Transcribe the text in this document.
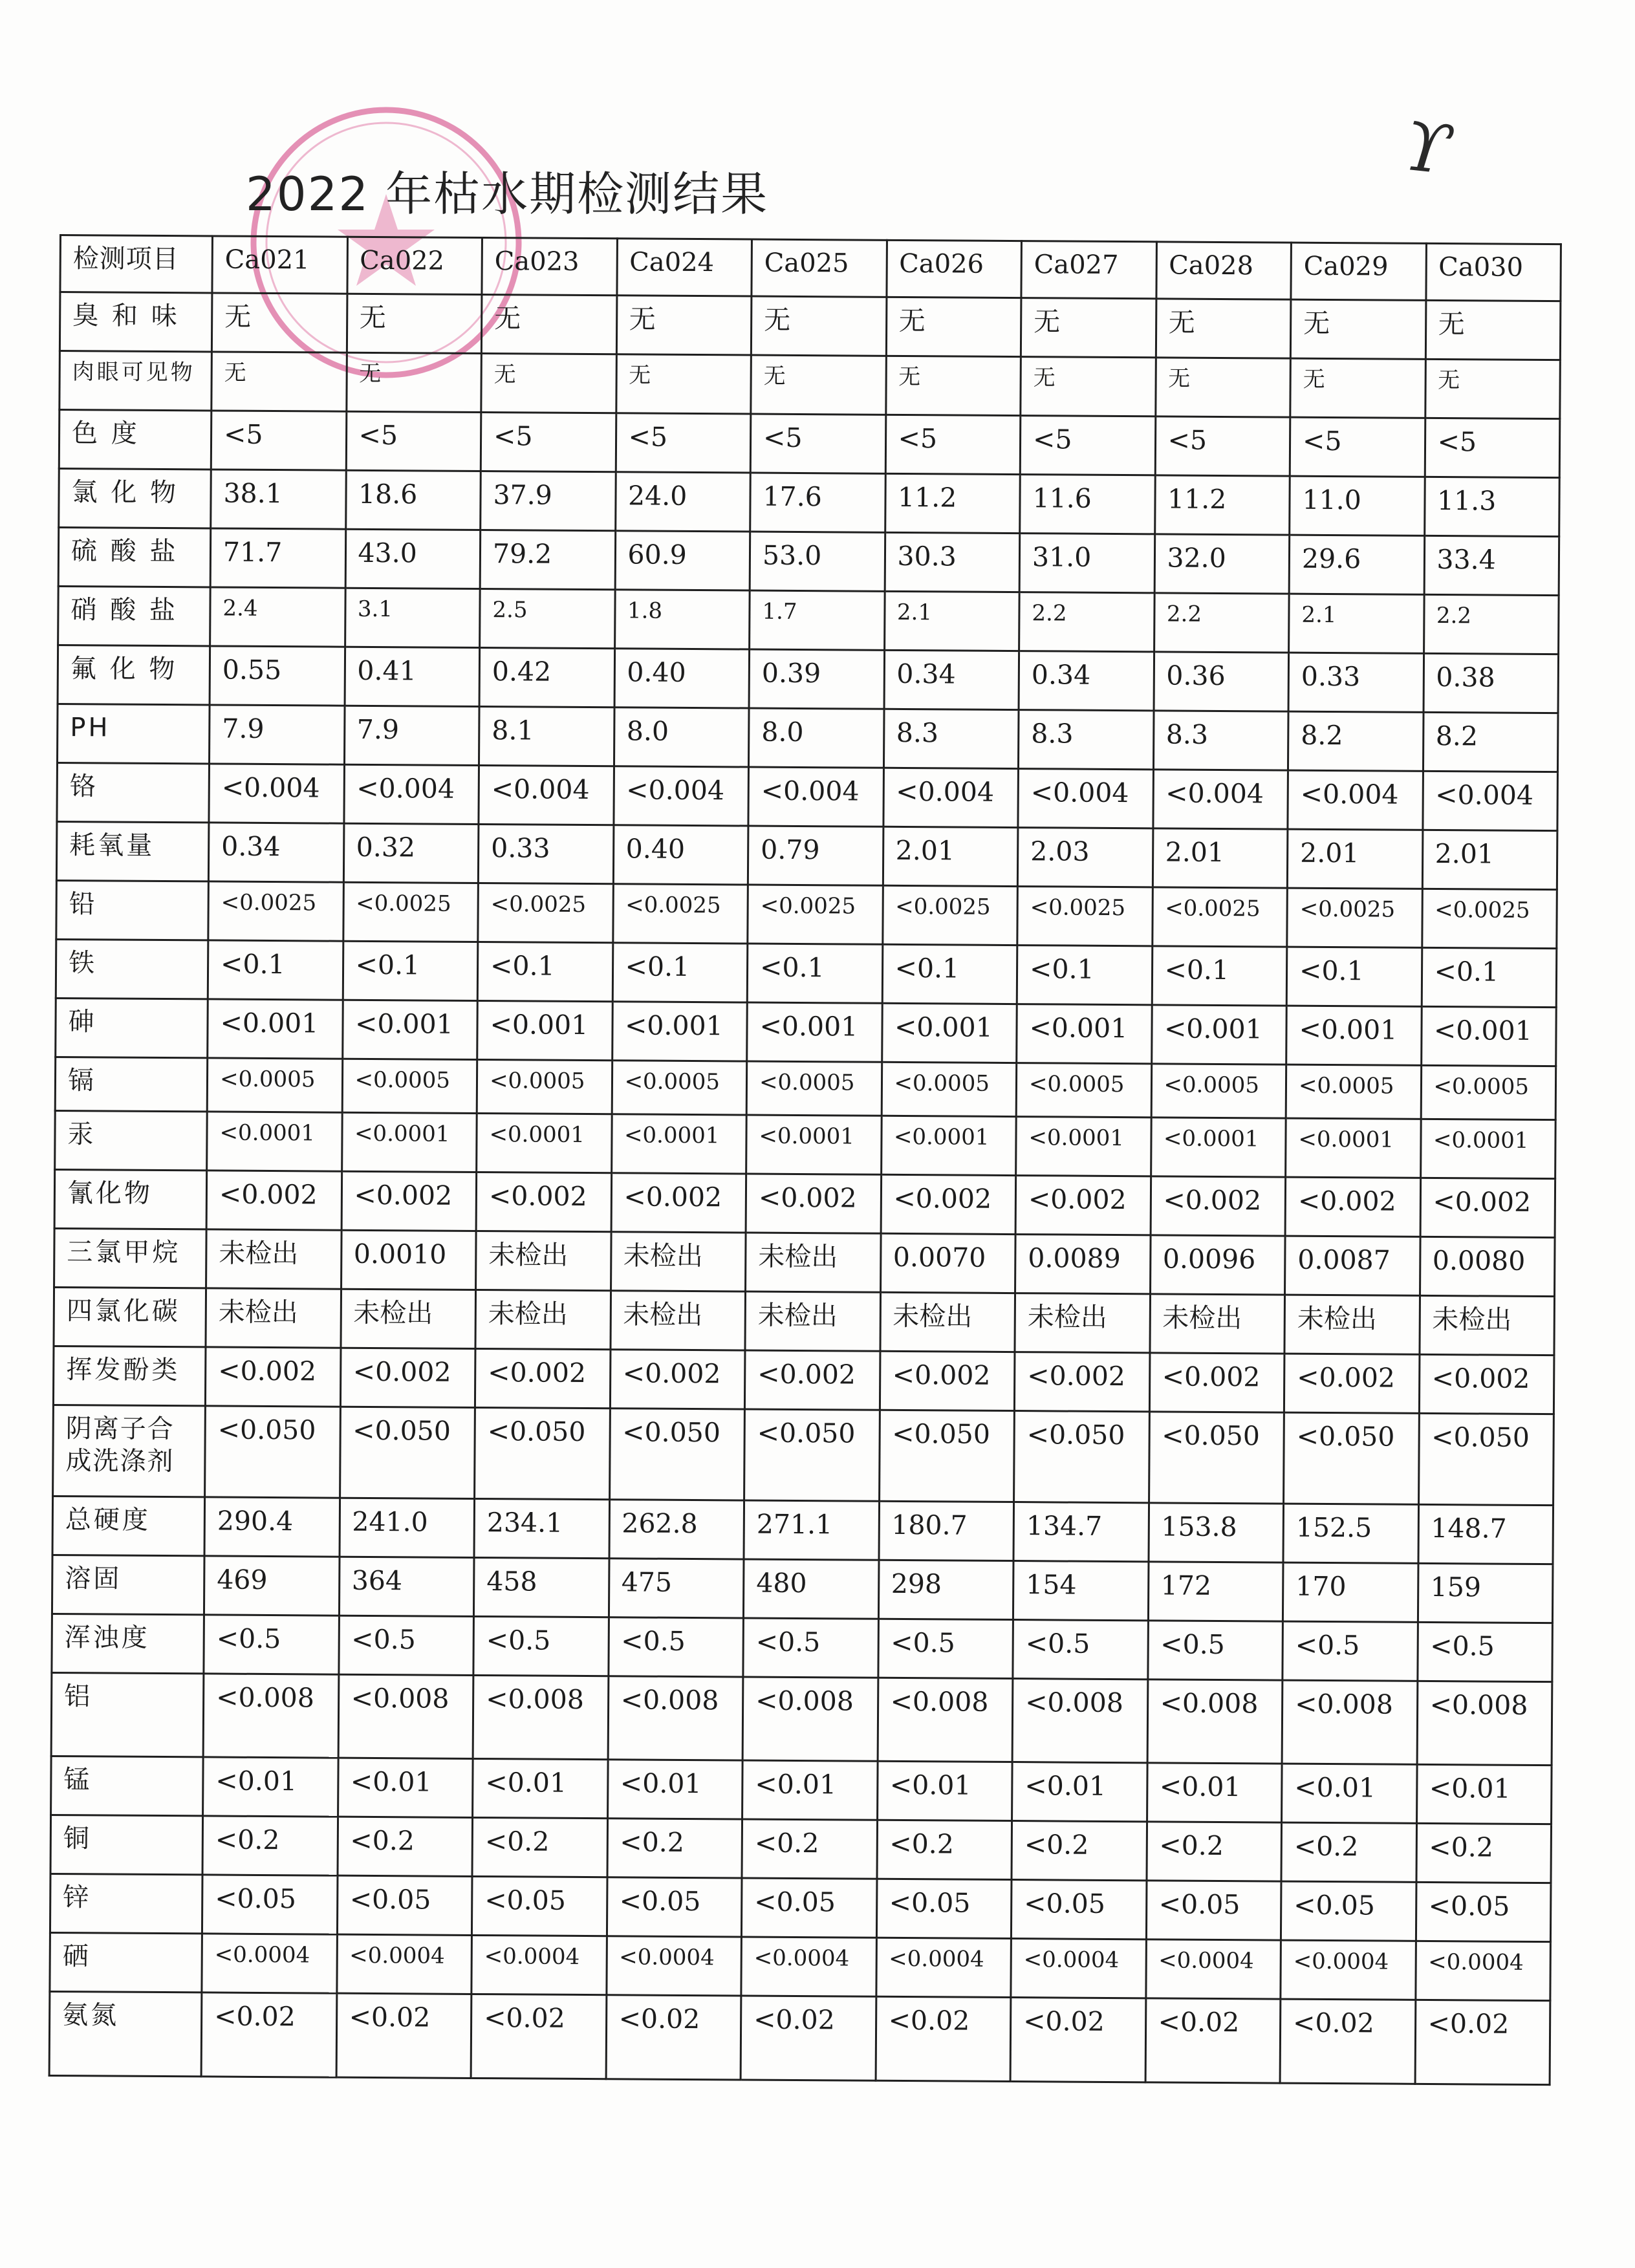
2022 年枯水期检测结果
ϒ
检测项目	Ca021	Ca022	Ca023	Ca024	Ca025	Ca026	Ca027	Ca028	Ca029	Ca030
臭 和 味	无	无	无	无	无	无	无	无	无	无
肉眼可见物	无	无	无	无	无	无	无	无	无	无
色 度	<5	<5	<5	<5	<5	<5	<5	<5	<5	<5
氯 化 物	38.1	18.6	37.9	24.0	17.6	11.2	11.6	11.2	11.0	11.3
硫 酸 盐	71.7	43.0	79.2	60.9	53.0	30.3	31.0	32.0	29.6	33.4
硝 酸 盐	2.4	3.1	2.5	1.8	1.7	2.1	2.2	2.2	2.1	2.2
氟 化 物	0.55	0.41	0.42	0.40	0.39	0.34	0.34	0.36	0.33	0.38
PH	7.9	7.9	8.1	8.0	8.0	8.3	8.3	8.3	8.2	8.2
铬	<0.004	<0.004	<0.004	<0.004	<0.004	<0.004	<0.004	<0.004	<0.004	<0.004
耗氧量	0.34	0.32	0.33	0.40	0.79	2.01	2.03	2.01	2.01	2.01
铅	<0.0025	<0.0025	<0.0025	<0.0025	<0.0025	<0.0025	<0.0025	<0.0025	<0.0025	<0.0025
铁	<0.1	<0.1	<0.1	<0.1	<0.1	<0.1	<0.1	<0.1	<0.1	<0.1
砷	<0.001	<0.001	<0.001	<0.001	<0.001	<0.001	<0.001	<0.001	<0.001	<0.001
镉	<0.0005	<0.0005	<0.0005	<0.0005	<0.0005	<0.0005	<0.0005	<0.0005	<0.0005	<0.0005
汞	<0.0001	<0.0001	<0.0001	<0.0001	<0.0001	<0.0001	<0.0001	<0.0001	<0.0001	<0.0001
氰化物	<0.002	<0.002	<0.002	<0.002	<0.002	<0.002	<0.002	<0.002	<0.002	<0.002
三氯甲烷	未检出	0.0010	未检出	未检出	未检出	0.0070	0.0089	0.0096	0.0087	0.0080
四氯化碳	未检出	未检出	未检出	未检出	未检出	未检出	未检出	未检出	未检出	未检出
挥发酚类	<0.002	<0.002	<0.002	<0.002	<0.002	<0.002	<0.002	<0.002	<0.002	<0.002
阴离子合成洗涤剂	<0.050	<0.050	<0.050	<0.050	<0.050	<0.050	<0.050	<0.050	<0.050	<0.050
总硬度	290.4	241.0	234.1	262.8	271.1	180.7	134.7	153.8	152.5	148.7
溶固	469	364	458	475	480	298	154	172	170	159
浑浊度	<0.5	<0.5	<0.5	<0.5	<0.5	<0.5	<0.5	<0.5	<0.5	<0.5
铝	<0.008	<0.008	<0.008	<0.008	<0.008	<0.008	<0.008	<0.008	<0.008	<0.008
锰	<0.01	<0.01	<0.01	<0.01	<0.01	<0.01	<0.01	<0.01	<0.01	<0.01
铜	<0.2	<0.2	<0.2	<0.2	<0.2	<0.2	<0.2	<0.2	<0.2	<0.2
锌	<0.05	<0.05	<0.05	<0.05	<0.05	<0.05	<0.05	<0.05	<0.05	<0.05
硒	<0.0004	<0.0004	<0.0004	<0.0004	<0.0004	<0.0004	<0.0004	<0.0004	<0.0004	<0.0004
氨氮	<0.02	<0.02	<0.02	<0.02	<0.02	<0.02	<0.02	<0.02	<0.02	<0.02
